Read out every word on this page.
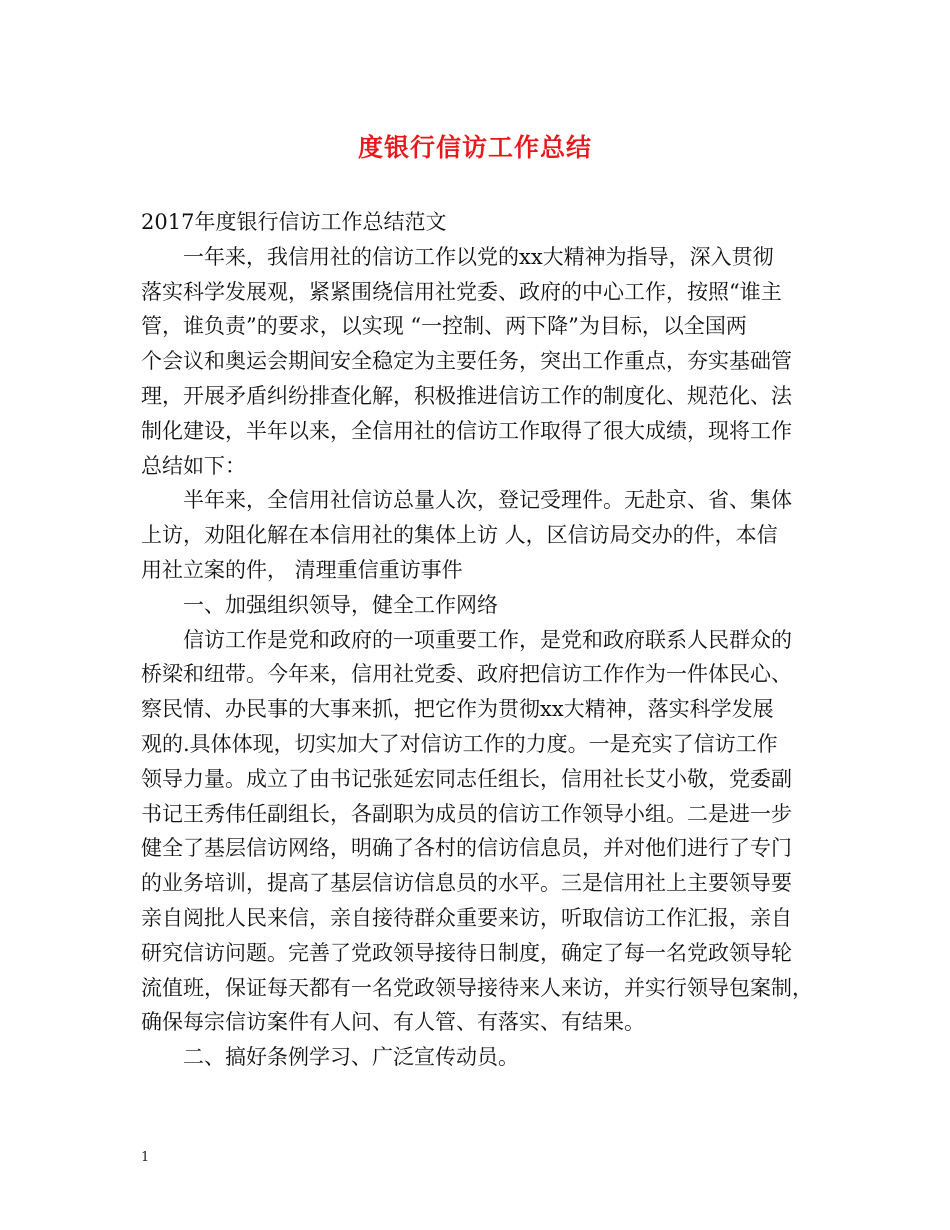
度银行信访工作总结
2017年度银行信访工作总结范文
一年来，我信用社的信访工作以党的xx大精神为指导，深入贯彻
落实科学发展观，紧紧围绕信用社党委、政府的中心工作，按照“谁主
管，谁负责”的要求，以实现 “一控制、两下降”为目标，以全国两
个会议和奥运会期间安全稳定为主要任务，突出工作重点，夯实基础管
理，开展矛盾纠纷排查化解，积极推进信访工作的制度化、规范化、法
制化建设，半年以来，全信用社的信访工作取得了很大成绩，现将工作
总结如下：
半年来，全信用社信访总量人次，登记受理件。无赴京、省、集体
上访，劝阻化解在本信用社的集体上访 人，区信访局交办的件，本信
用社立案的件， 清理重信重访事件
一、加强组织领导，健全工作网络
信访工作是党和政府的一项重要工作，是党和政府联系人民群众的
桥梁和纽带。今年来，信用社党委、政府把信访工作作为一件体民心、
察民情、办民事的大事来抓，把它作为贯彻xx大精神，落实科学发展
观的.具体体现，切实加大了对信访工作的力度。一是充实了信访工作
领导力量。成立了由书记张延宏同志任组长，信用社长艾小敬，党委副
书记王秀伟任副组长，各副职为成员的信访工作领导小组。二是进一步
健全了基层信访网络，明确了各村的信访信息员，并对他们进行了专门
的业务培训，提高了基层信访信息员的水平。三是信用社上主要领导要
亲自阅批人民来信，亲自接待群众重要来访，听取信访工作汇报，亲自
研究信访问题。完善了党政领导接待日制度，确定了每一名党政领导轮
流值班，保证每天都有一名党政领导接待来人来访，并实行领导包案制，
确保每宗信访案件有人问、有人管、有落实、有结果。
二、搞好条例学习、广泛宣传动员。
1
